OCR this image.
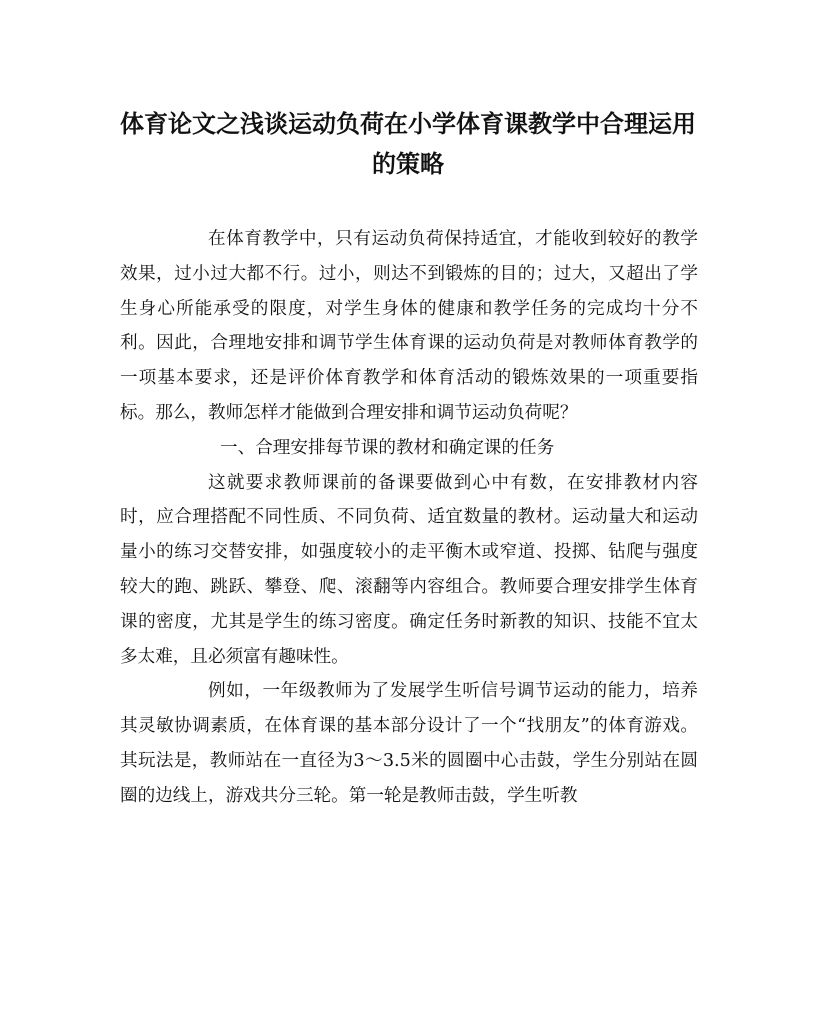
体育论文之浅谈运动负荷在小学体育课教学中合理运用的策略

在体育教学中，只有运动负荷保持适宜，才能收到较好的教学效果，过小过大都不行。过小，则达不到锻炼的目的；过大，又超出了学生身心所能承受的限度，对学生身体的健康和教学任务的完成均十分不利。因此，合理地安排和调节学生体育课的运动负荷是对教师体育教学的一项基本要求，还是评价体育教学和体育活动的锻炼效果的一项重要指标。那么，教师怎样才能做到合理安排和调节运动负荷呢？

一、合理安排每节课的教材和确定课的任务

这就要求教师课前的备课要做到心中有数，在安排教材内容时，应合理搭配不同性质、不同负荷、适宜数量的教材。运动量大和运动量小的练习交替安排，如强度较小的走平衡木或窄道、投掷、钻爬与强度较大的跑、跳跃、攀登、爬、滚翻等内容组合。教师要合理安排学生体育课的密度，尤其是学生的练习密度。确定任务时新教的知识、技能不宜太多太难，且必须富有趣味性。

例如，一年级教师为了发展学生听信号调节运动的能力，培养其灵敏协调素质，在体育课的基本部分设计了一个“找朋友”的体育游戏。其玩法是，教师站在一直径为3～3.5米的圆圈中心击鼓，学生分别站在圆圈的边线上，游戏共分三轮。第一轮是教师击鼓，学生听教
